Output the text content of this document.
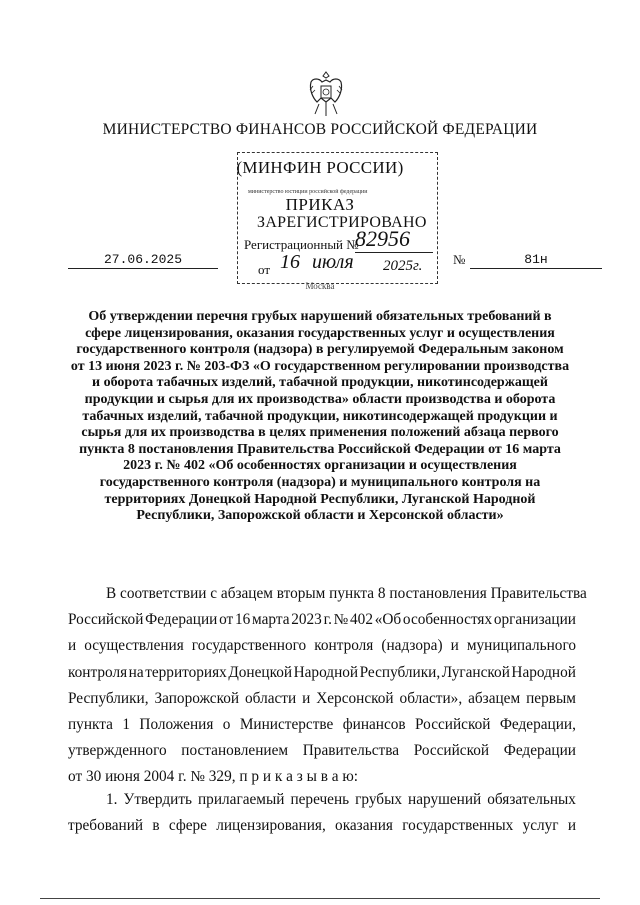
МИНИСТЕРСТВО ФИНАНСОВ РОССИЙСКОЙ ФЕДЕРАЦИИ
(МИНФИН РОССИИ)
министерство юстиции российской федерации
ПРИКАЗ
ЗАРЕГИСТРИРОВАНО
Регистрационный №
82956
от 16 июля 2025г.
Москва
27.06.2025	№	81н
Об утверждении перечня грубых нарушений обязательных требований в
сфере лицензирования, оказания государственных услуг и осуществления
государственного контроля (надзора) в регулируемой Федеральным законом
от 13 июня 2023 г. № 203-ФЗ «О государственном регулировании производства
и оборота табачных изделий, табачной продукции, никотинсодержащей
продукции и сырья для их производства» области производства и оборота
табачных изделий, табачной продукции, никотинсодержащей продукции и
сырья для их производства в целях применения положений абзаца первого
пункта 8 постановления Правительства Российской Федерации от 16 марта
2023 г. № 402 «Об особенностях организации и осуществления
государственного контроля (надзора) и муниципального контроля на
территориях Донецкой Народной Республики, Луганской Народной
Республики, Запорожской области и Херсонской области»
В соответствии с абзацем вторым пункта 8 постановления Правительства
Российской Федерации от 16 марта 2023 г. № 402 «Об особенностях организации
и осуществления государственного контроля (надзора) и муниципального
контроля на территориях Донецкой Народной Республики, Луганской Народной
Республики, Запорожской области и Херсонской области», абзацем первым
пункта 1 Положения о Министерстве финансов Российской Федерации,
утвержденного постановлением Правительства Российской Федерации
от 30 июня 2004 г. № 329, п р и к а з ы в а ю:
1. Утвердить прилагаемый перечень грубых нарушений обязательных
требований в сфере лицензирования, оказания государственных услуг и
